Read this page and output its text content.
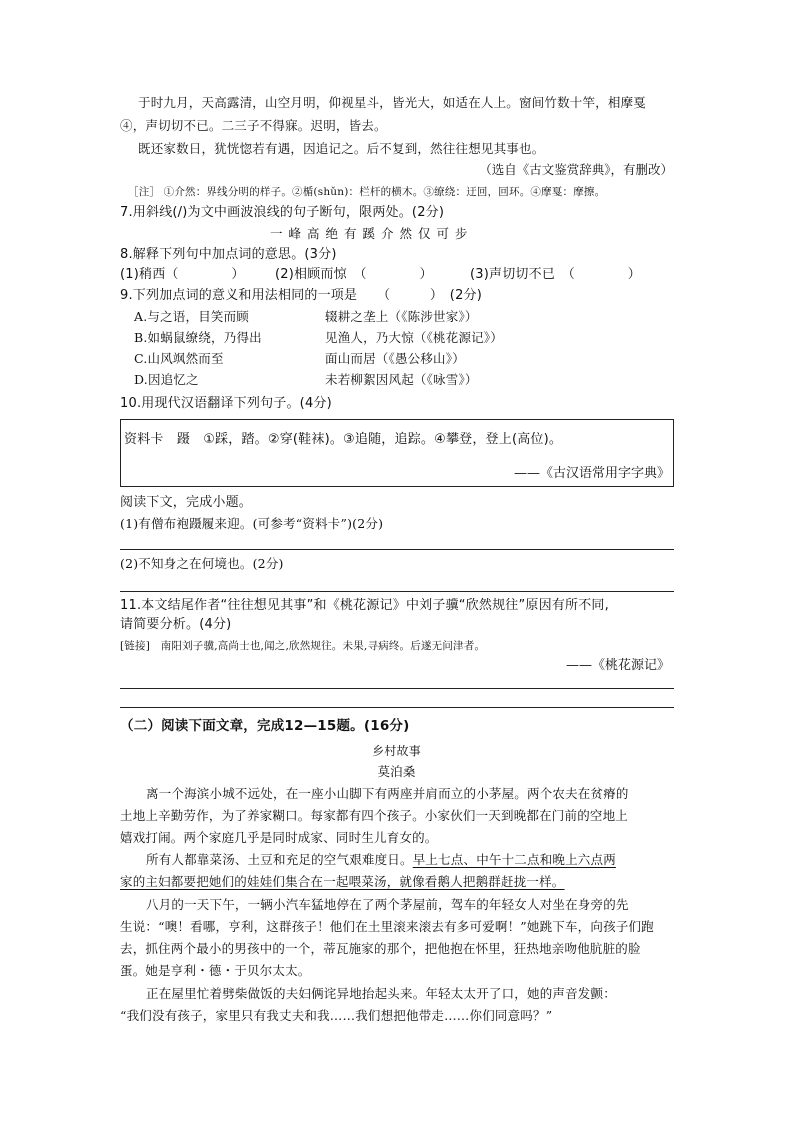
于时九月，天高露清，山空月明，仰视星斗，皆光大，如适在人上。窗间竹数十竿，相摩戛
④，声切切不已。二三子不得寐。迟明，皆去。
既还家数日，犹恍惚若有遇，因追记之。后不复到，然往往想见其事也。
（选自《古文鉴赏辞典》，有删改）
［注］ ①介然：界线分明的样子。②楯(shǔn)：栏杆的横木。③缭绕：迂回，回环。④摩戛：摩擦。
7.用斜线(/)为文中画波浪线的句子断句，限两处。(2分)
一峰高绝有蹊介然仅可步
8.解释下列句中加点词的意思。(3分)
(1)稍西（　　　　） (2)相顾而惊　（　　　　）	(3)声切切不已　（　　　　）
9.下列加点词的意义和用法相同的一项是　　（　　　）　(2分)
A.与之语，目笑而顾	辍耕之垄上（《陈涉世家》）
B.如蜗鼠缭绕，乃得出	见渔人，乃大惊（《桃花源记》）
C.山风飒然而至	面山而居（《愚公移山》）
D.因追忆之	未若柳絮因风起（《咏雪》）
10.用现代汉语翻译下列句子。(4分)
资料卡　蹑　①踩，踏。②穿(鞋袜)。③追随，追踪。④攀登，登上(高位)。
——《古汉语常用字字典》
阅读下文，完成小题。
(1)有僧布袍蹑履来迎。(可参考“资料卡”)(2分)
(2)不知身之在何境也。(2分)
11.本文结尾作者“往往想见其事”和《桃花源记》中刘子骥“欣然规往”原因有所不同,
请简要分析。(4分)
[链接]　南阳刘子骥,高尚士也,闻之,欣然规往。未果,寻病终。后遂无问津者。
——《桃花源记》
（二）阅读下面文章，完成12—15题。(16分)
乡村故事
莫泊桑
离一个海滨小城不远处，在一座小山脚下有两座并肩而立的小茅屋。两个农夫在贫瘠的
土地上辛勤劳作，为了养家糊口。每家都有四个孩子。小家伙们一天到晚都在门前的空地上
嬉戏打闹。两个家庭几乎是同时成家、同时生儿育女的。
所有人都靠菜汤、土豆和充足的空气艰难度日。早上七点、中午十二点和晚上六点两
家的主妇都要把她们的娃娃们集合在一起喂菜汤，就像看鹅人把鹅群赶拢一样。
八月的一天下午，一辆小汽车猛地停在了两个茅屋前，驾车的年轻女人对坐在身旁的先
生说：“噢！看哪，亨利，这群孩子！他们在土里滚来滚去有多可爱啊！”她跳下车，向孩子们跑
去，抓住两个最小的男孩中的一个，蒂瓦施家的那个，把他抱在怀里，狂热地亲吻他肮脏的脸
蛋。她是亨利・德・于贝尔太太。
正在屋里忙着劈柴做饭的夫妇俩诧异地抬起头来。年轻太太开了口，她的声音发颤：
“我们没有孩子，家里只有我丈夫和我……我们想把他带走……你们同意吗？”
